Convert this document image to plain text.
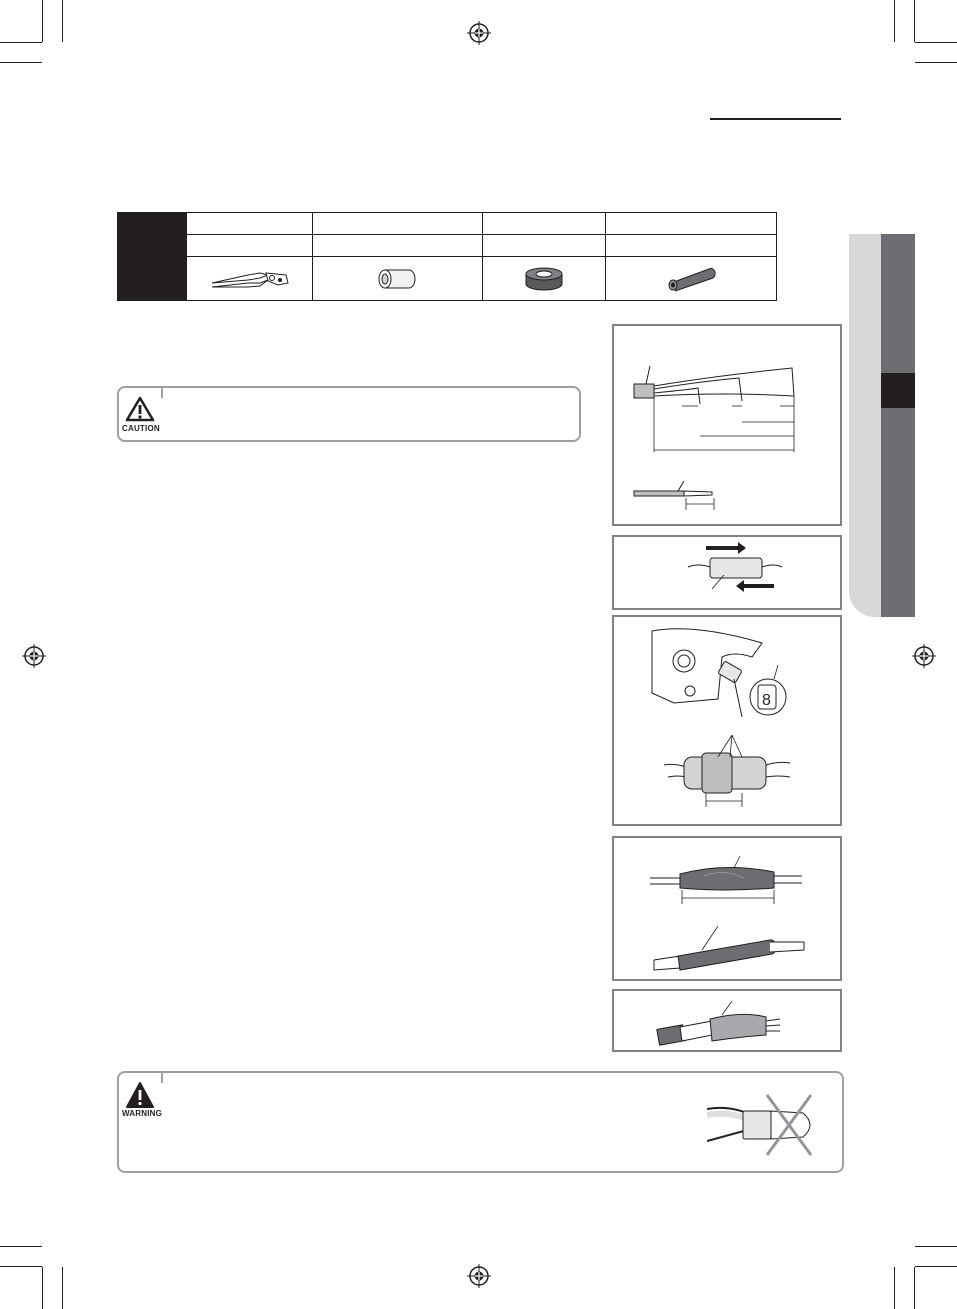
CAUTION
8
WARNING
